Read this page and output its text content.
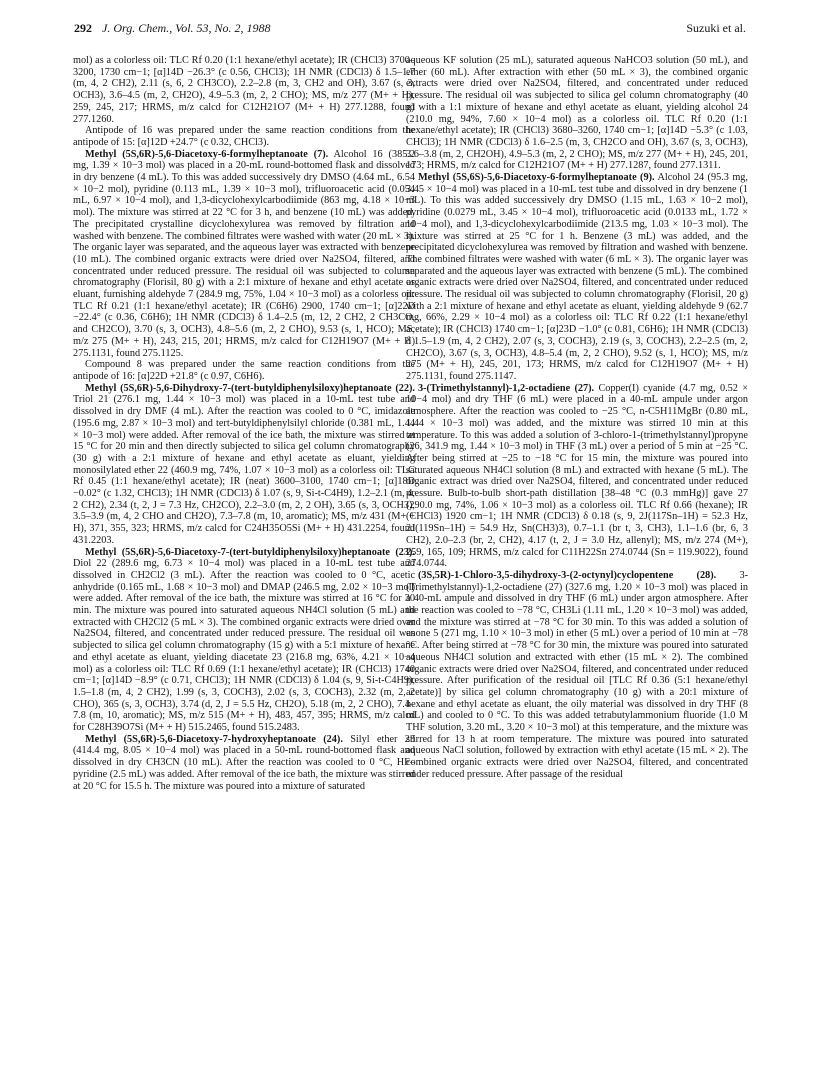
292 J. Org. Chem., Vol. 53, No. 2, 1988	Suzuki et al.

mol) as a colorless oil: TLC Rf 0.20 (1:1 hexane/ethyl acetate); IR (CHCl3) 3700–3200, 1730 cm−1; [α]14D −26.3° (c 0.56, CHCl3); 1H NMR (CDCl3) δ 1.5–1.7 (m, 4, 2 CH2), 2.11 (s, 6, 2 CH3CO), 2.2–2.8 (m, 3, CH2 and OH), 3.67 (s, 3, OCH3), 3.6–4.5 (m, 2, CH2O), 4.9–5.3 (m, 2, 2 CHO); MS, m/z 277 (M+ + H), 259, 245, 217; HRMS, m/z calcd for C12H21O7 (M+ + H) 277.1288, found 277.1260.

Antipode of 16 was prepared under the same reaction conditions from the antipode of 15: [α]12D +24.7° (c 0.32, CHCl3).

Methyl (5S,6R)-5,6-Diacetoxy-6-formylheptanoate (7). Alcohol 16 (385.2 mg, 1.39 × 10−3 mol) was placed in a 20-mL round-bottomed flask and dissolved in dry benzene (4 mL). To this was added successively dry DMSO (4.64 mL, 6.54 × 10−2 mol), pyridine (0.113 mL, 1.39 × 10−3 mol), trifluoroacetic acid (0.054 mL, 6.97 × 10−4 mol), and 1,3-dicyclohexylcarbodiimide (863 mg, 4.18 × 10−3 mol). The mixture was stirred at 22 °C for 3 h, and benzene (10 mL) was added. The precipitated crystalline dicyclohexylurea was removed by filtration and washed with benzene. The combined filtrates were washed with water (20 mL × 3). The organic layer was separated, and the aqueous layer was extracted with benzene (10 mL). The combined organic extracts were dried over Na2SO4, filtered, and concentrated under reduced pressure. The residual oil was subjected to column chromatography (Florisil, 80 g) with a 2:1 mixture of hexane and ethyl acetate as eluant, furnishing aldehyde 7 (284.9 mg, 75%, 1.04 × 10−3 mol) as a colorless oil: TLC Rf 0.21 (1:1 hexane/ethyl acetate); IR (C6H6) 2900, 1740 cm−1; [α]22D −22.4° (c 0.36, C6H6); 1H NMR (CDCl3) δ 1.4–2.5 (m, 12, 2 CH2, 2 CH3CO, and CH2CO), 3.70 (s, 3, OCH3), 4.8–5.6 (m, 2, 2 CHO), 9.53 (s, 1, HCO); MS, m/z 275 (M+ + H), 243, 215, 201; HRMS, m/z calcd for C12H19O7 (M+ + H) 275.1131, found 275.1125.

Compound 8 was prepared under the same reaction conditions from the antipode of 16: [α]22D +21.8° (c 0.97, C6H6).

Methyl (5S,6R)-5,6-Dihydroxy-7-(tert-butyldiphenylsiloxy)heptanoate (22). Triol 21 (276.1 mg, 1.44 × 10−3 mol) was placed in a 10-mL test tube and dissolved in dry DMF (4 mL). After the reaction was cooled to 0 °C, imidazole (195.6 mg, 2.87 × 10−3 mol) and tert-butyldiphenylsilyl chloride (0.381 mL, 1.44 × 10−3 mol) were added. After removal of the ice bath, the mixture was stirred at 15 °C for 20 min and then directly subjected to silica gel column chromatography (30 g) with a 2:1 mixture of hexane and ethyl acetate as eluant, yielding monosilylated ether 22 (460.9 mg, 74%, 1.07 × 10−3 mol) as a colorless oil: TLC Rf 0.45 (1:1 hexane/ethyl acetate); IR (neat) 3600–3100, 1740 cm−1; [α]18D −0.02° (c 1.32, CHCl3); 1H NMR (CDCl3) δ 1.07 (s, 9, Si-t-C4H9), 1.2–2.1 (m, 4, 2 CH2), 2.34 (t, 2, J = 7.3 Hz, CH2CO), 2.2–3.0 (m, 2, 2 OH), 3.65 (s, 3, OCH3), 3.5–3.9 (m, 4, 2 CHO and CH2O), 7.3–7.8 (m, 10, aromatic); MS, m/z 431 (M+ + H), 371, 355, 323; HRMS, m/z calcd for C24H35O5Si (M+ + H) 431.2254, found 431.2203.

Methyl (5S,6R)-5,6-Diacetoxy-7-(tert-butyldiphenylsiloxy)heptanoate (23). Diol 22 (289.6 mg, 6.73 × 10−4 mol) was placed in a 10-mL test tube and dissolved in CH2Cl2 (3 mL). After the reaction was cooled to 0 °C, acetic anhydride (0.165 mL, 1.68 × 10−3 mol) and DMAP (246.5 mg, 2.02 × 10−3 mol) were added. After removal of the ice bath, the mixture was stirred at 16 °C for 30 min. The mixture was poured into saturated aqueous NH4Cl solution (5 mL) and extracted with CH2Cl2 (5 mL × 3). The combined organic extracts were dried over Na2SO4, filtered, and concentrated under reduced pressure. The residual oil was subjected to silica gel column chromatography (15 g) with a 5:1 mixture of hexane and ethyl acetate as eluant, yielding diacetate 23 (216.8 mg, 63%, 4.21 × 10−4 mol) as a colorless oil: TLC Rf 0.69 (1:1 hexane/ethyl acetate); IR (CHCl3) 1740 cm−1; [α]14D −8.9° (c 0.71, CHCl3); 1H NMR (CDCl3) δ 1.04 (s, 9, Si-t-C4H9), 1.5–1.8 (m, 4, 2 CH2), 1.99 (s, 3, COCH3), 2.02 (s, 3, COCH3), 2.32 (m, 2, 2 CHO), 365 (s, 3, OCH3), 3.74 (d, 2, J = 5.5 Hz, CH2O), 5.18 (m, 2, 2 CHO), 7.4–7.8 (m, 10, aromatic); MS, m/z 515 (M+ + H), 483, 457, 395; HRMS, m/z calcd for C28H39O7Si (M+ + H) 515.2465, found 515.2483.

Methyl (5S,6R)-5,6-Diacetoxy-7-hydroxyheptanoate (24). Silyl ether 23 (414.4 mg, 8.05 × 10−4 mol) was placed in a 50-mL round-bottomed flask and dissolved in dry CH3CN (10 mL). After the reaction was cooled to 0 °C, HF–pyridine (2.5 mL) was added. After removal of the ice bath, the mixture was stirred at 20 °C for 15.5 h. The mixture was poured into a mixture of saturated

aqueous KF solution (25 mL), saturated aqueous NaHCO3 solution (50 mL), and ether (60 mL). After extraction with ether (50 mL × 3), the combined organic extracts were dried over Na2SO4, filtered, and concentrated under reduced pressure. The residual oil was subjected to silica gel column chromatography (40 g) with a 1:1 mixture of hexane and ethyl acetate as eluant, yielding alcohol 24 (210.0 mg, 94%, 7.60 × 10−4 mol) as a colorless oil. TLC Rf 0.20 (1:1 hexane/ethyl acetate); IR (CHCl3) 3680–3260, 1740 cm−1; [α]14D −5.3° (c 1.03, CHCl3); 1H NMR (CDCl3) δ 1.6–2.5 (m, 3, CH2CO and OH), 3.67 (s, 3, OCH3), 3.6–3.8 (m, 2, CH2OH), 4.9–5.3 (m, 2, 2 CHO); MS, m/z 277 (M+ + H), 245, 201, 173; HRMS, m/z calcd for C12H21O7 (M+ + H) 277.1287, found 277.1311.

Methyl (5S,6S)-5,6-Diacetoxy-6-formylheptanoate (9). Alcohol 24 (95.3 mg, 3.45 × 10−4 mol) was placed in a 10-mL test tube and dissolved in dry benzene (1 mL). To this was added successively dry DMSO (1.15 mL, 1.63 × 10−2 mol), pyridine (0.0279 mL, 3.45 × 10−4 mol), trifluoroacetic acid (0.0133 mL, 1.72 × 10−4 mol), and 1,3-dicyclohexylcarbodiimide (213.5 mg, 1.03 × 10−3 mol). The mixture was stirred at 25 °C for 1 h. Benzene (3 mL) was added, and the precipitated dicyclohexylurea was removed by filtration and washed with benzene. The combined filtrates were washed with water (6 mL × 3). The organic layer was separated and the aqueous layer was extracted with benzene (5 mL). The combined organic extracts were dried over Na2SO4, filtered, and concentrated under reduced pressure. The residual oil was subjected to column chromatography (Florisil, 20 g) with a 2:1 mixture of hexane and ethyl acetate as eluant, yielding aldehyde 9 (62.7 mg, 66%, 2.29 × 10−4 mol) as a colorless oil: TLC Rf 0.22 (1:1 hexane/ethyl acetate); IR (CHCl3) 1740 cm−1; [α]23D −1.0° (c 0.81, C6H6); 1H NMR (CDCl3) δ 1.5–1.9 (m, 4, 2 CH2), 2.07 (s, 3, COCH3), 2.19 (s, 3, COCH3), 2.2–2.5 (m, 2, CH2CO), 3.67 (s, 3, OCH3), 4.8–5.4 (m, 2, 2 CHO), 9.52 (s, 1, HCO); MS, m/z 275 (M+ + H), 245, 201, 173; HRMS, m/z calcd for C12H19O7 (M+ + H) 275.1131, found 275.1147.

3-(Trimethylstannyl)-1,2-octadiene (27). Copper(I) cyanide (4.7 mg, 0.52 × 10−4 mol) and dry THF (6 mL) were placed in a 40-mL ampule under argon atmosphere. After the reaction was cooled to −25 °C, n-C5H11MgBr (0.80 mL, 1.44 × 10−3 mol) was added, and the mixture was stirred 10 min at this temperature. To this was added a solution of 3-chloro-1-(trimethylstannyl)propyne (26, 341.9 mg, 1.44 × 10−3 mol) in THF (3 mL) over a period of 5 min at −25 °C. After being stirred at −25 to −18 °C for 15 min, the mixture was poured into saturated aqueous NH4Cl solution (8 mL) and extracted with hexane (5 mL). The organic extract was dried over Na2SO4, filtered, and concentrated under reduced pressure. Bulb-to-bulb short-path distillation [38–48 °C (0.3 mmHg)] gave 27 (290.0 mg, 74%, 1.06 × 10−3 mol) as a colorless oil. TLC Rf 0.66 (hexane); IR (CHCl3) 1920 cm−1; 1H NMR (CDCl3) δ 0.18 (s, 9, 2J(117Sn–1H) = 52.3 Hz, 2J(119Sn–1H) = 54.9 Hz, Sn(CH3)3), 0.7–1.1 (br t, 3, CH3), 1.1–1.6 (br, 6, 3 CH2), 2.0–2.3 (br, 2, CH2), 4.17 (t, 2, J = 3.0 Hz, allenyl); MS, m/z 274 (M+), 259, 165, 109; HRMS, m/z calcd for C11H22Sn 274.0744 (Sn = 119.9022), found 274.0744.

(3S,5R)-1-Chloro-3,5-dihydroxy-3-(2-octynyl)cyclopentene (28). 3-(Trimethylstannyl)-1,2-octadiene (27) (327.6 mg, 1.20 × 10−3 mol) was placed in a 40-mL ampule and dissolved in dry THF (6 mL) under argon atmosphere. After the reaction was cooled to −78 °C, CH3Li (1.11 mL, 1.20 × 10−3 mol) was added, and the mixture was stirred at −78 °C for 30 min. To this was added a solution of enone 5 (271 mg, 1.10 × 10−3 mol) in ether (5 mL) over a period of 10 min at −78 °C. After being stirred at −78 °C for 30 min, the mixture was poured into saturated aqueous NH4Cl solution and extracted with ether (15 mL × 2). The combined organic extracts were dried over Na2SO4, filtered, and concentrated under reduced pressure. After purification of the residual oil [TLC Rf 0.36 (5:1 hexane/ethyl acetate)] by silica gel column chromatography (10 g) with a 20:1 mixture of hexane and ethyl acetate as eluant, the oily material was dissolved in dry THF (8 mL) and cooled to 0 °C. To this was added tetrabutylammonium fluoride (1.0 M THF solution, 3.20 mL, 3.20 × 10−3 mol) at this temperature, and the mixture was stirred for 13 h at room temperature. The mixture was poured into saturated aqueous NaCl solution, followed by extraction with ethyl acetate (15 mL × 2). The combined organic extracts were dried over Na2SO4, filtered, and concentrated under reduced pressure. After passage of the residual
